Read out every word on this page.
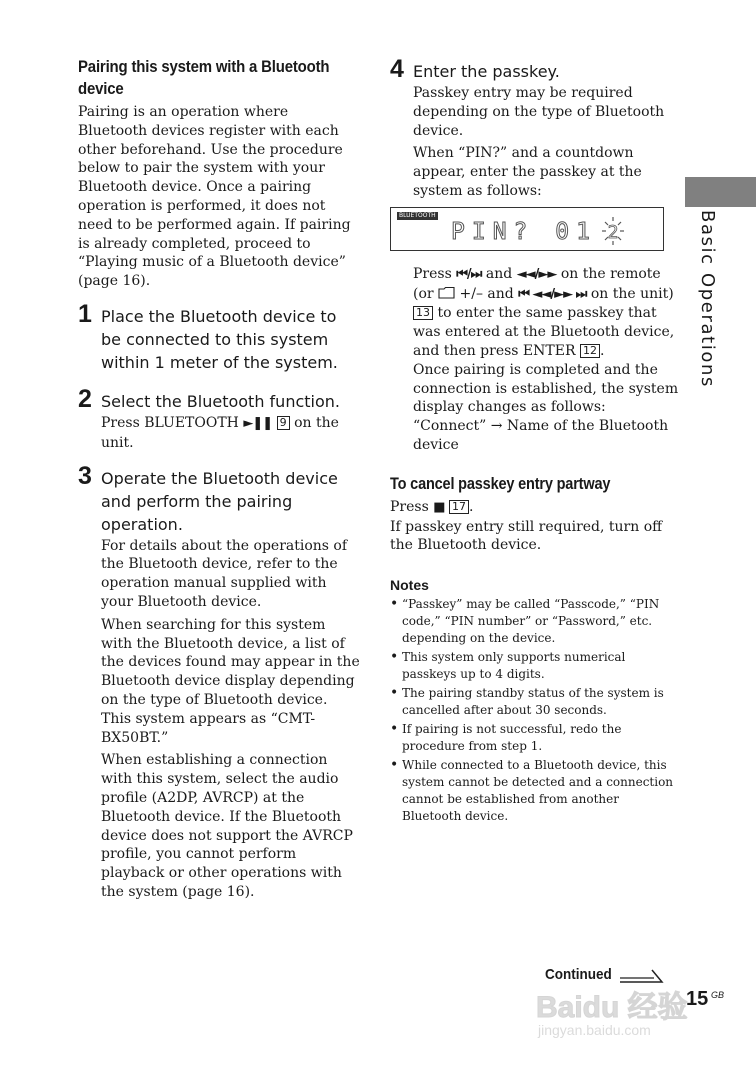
Pairing this system with a Bluetooth device

Pairing is an operation where Bluetooth devices register with each other beforehand. Use the procedure below to pair the system with your Bluetooth device. Once a pairing operation is performed, it does not need to be performed again. If pairing is already completed, proceed to “Playing music of a Bluetooth device” (page 16).

1 Place the Bluetooth device to be connected to this system within 1 meter of the system.

2 Select the Bluetooth function.

Press BLUETOOTH ►❚❚ 9 on the unit.

3 Operate the Bluetooth device and perform the pairing operation.

For details about the operations of the Bluetooth device, refer to the operation manual supplied with your Bluetooth device.

When searching for this system with the Bluetooth device, a list of the devices found may appear in the Bluetooth device display depending on the type of Bluetooth device. This system appears as “CMT-BX50BT.”

When establishing a connection with this system, select the audio profile (A2DP, AVRCP) at the Bluetooth device. If the Bluetooth device does not support the AVRCP profile, you cannot perform playback or other operations with the system (page 16).

4 Enter the passkey.

Passkey entry may be required depending on the type of Bluetooth device.

When “PIN?” and a countdown appear, enter the passkey at the system as follows:

BLUETOOTH
PIN? 01 2

Press ⏮/⏭ and ◄◄/►► on the remote (or +/– and ⏮ ◄◄/►► ⏭ on the unit) 13 to enter the same passkey that was entered at the Bluetooth device, and then press ENTER 12 .
Once pairing is completed and the connection is established, the system display changes as follows:
“Connect” → Name of the Bluetooth device

To cancel passkey entry partway

Press ■ 17 .
If passkey entry still required, turn off the Bluetooth device.

Notes
• “Passkey” may be called “Passcode,” “PIN code,” “PIN number” or “Password,” etc. depending on the device.
• This system only supports numerical passkeys up to 4 digits.
• The pairing standby status of the system is cancelled after about 30 seconds.
• If pairing is not successful, redo the procedure from step 1.
• While connected to a Bluetooth device, this system cannot be detected and a connection cannot be established from another Bluetooth device.
Basic Operations
Continued
15 GB
Baidu 经验
jingyan.baidu.com
